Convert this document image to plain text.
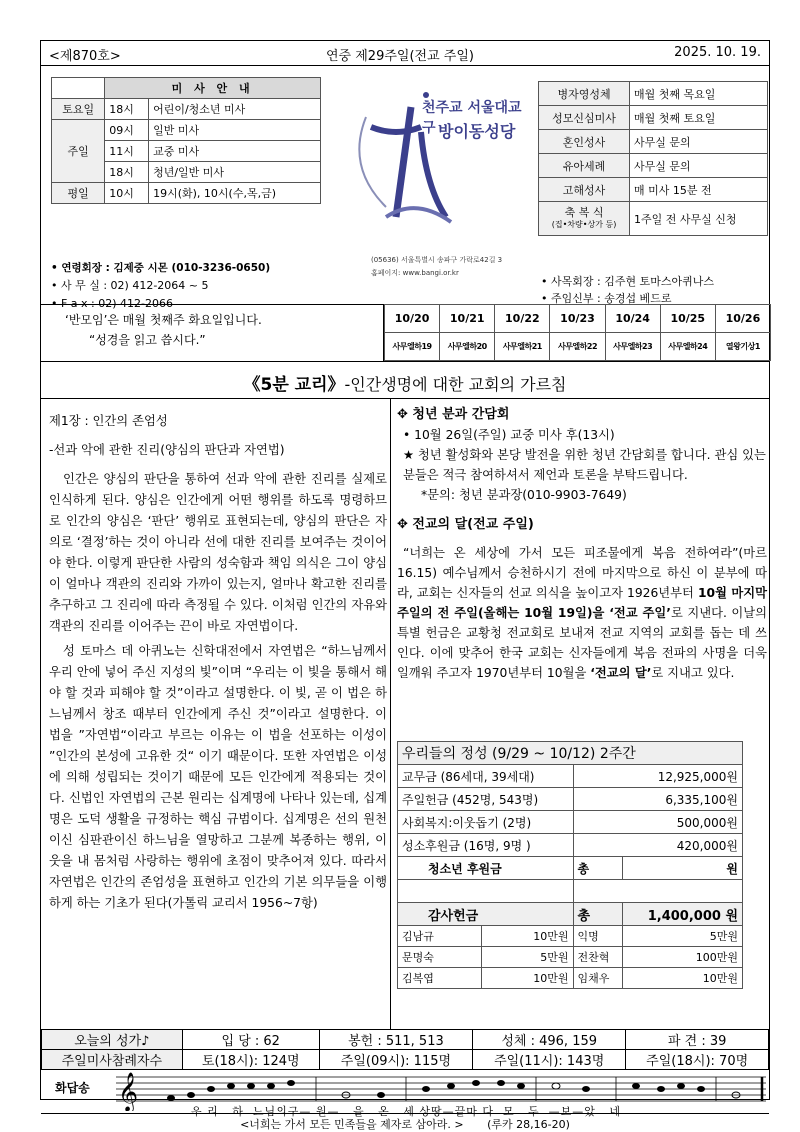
<제870호>	연중 제29주일(전교 주일)	2025. 10. 19.
	미 사 안 내	
토요일	18시	어린이/청소년 미사
주일	09시	일반 미사
	11시	교중 미사
	18시	청년/일반 미사
평일	10시	19시(화), 10시(수,목,금)
• 연령회장 : 김제중 시몬 (010-3236-0650)
• 사 무 실 : 02) 412-2064 ~ 5
• F a x : 02) 412-2066
천주교 서울대교구 방이동성당
(05636) 서울특별시 송파구 가락로42길 3
홈페이지: www.bangi.or.kr
병자영성체	매월 첫째 목요일
성모신심미사	매월 첫째 토요일
혼인성사	사무실 문의
유아세례	사무실 문의
고해성사	매 미사 15분 전

축 복 식
(집•차량•상가 등)	1주일 전 사무실 신청
• 사목회장 : 김주현 토마스아퀴나스
• 주임신부 : 송경섭 베드로
‘반모임’은 매월 첫째주 화요일입니다.
“성경을 읽고 씁시다.”
10/20	10/21	10/22	10/23	10/24	10/25	10/26
사무엘하19	사무엘하20	사무엘하21	사무엘하22	사무엘하23	사무엘하24	열왕기상1
《5분 교리》-인간생명에 대한 교회의 가르침

제1장 : 인간의 존엄성

-선과 악에 관한 진리(양심의 판단과 자연법)

인간은 양심의 판단을 통하여 선과 악에 관한 진리를 실제로 인식하게 된다. 양심은 인간에게 어떤 행위를 하도록 명령하므로 인간의 양심은 ‘판단’ 행위로 표현되는데, 양심의 판단은 자의로 ‘결정’하는 것이 아니라 선에 대한 진리를 보여주는 것이어야 한다. 이렇게 판단한 사람의 성숙함과 책임 의식은 그이 양심이 얼마나 객관의 진리와 가까이 있는지, 얼마나 확고한 진리를 추구하고 그 진리에 따라 측정될 수 있다. 이처럼 인간의 자유와 객관의 진리를 이어주는 끈이 바로 자연법이다.

성 토마스 데 아퀴노는 신학대전에서 자연법은 “하느님께서 우리 안에 넣어 주신 지성의 빛”이며 “우리는 이 빛을 통해서 해야 할 것과 피해야 할 것”이라고 설명한다. 이 빛, 곧 이 법은 하느님께서 창조 때부터 인간에게 주신 것”이라고 설명한다. 이 법을 ”자연법“이라고 부르는 이유는 이 법을 선포하는 이성이 ”인간의 본성에 고유한 것“ 이기 때문이다. 또한 자연법은 이성에 의해 성립되는 것이기 때문에 모든 인간에게 적용되는 것이다. 신법인 자연법의 근본 원리는 십계명에 나타나 있는데, 십계명은 도덕 생활을 규정하는 핵심 규범이다. 십계명은 선의 원천이신 심판관이신 하느님을 열망하고 그분께 복종하는 행위, 이웃을 내 몸처럼 사랑하는 행위에 초점이 맞추어져 있다. 따라서 자연법은 인간의 존엄성을 표현하고 인간의 기본 의무들을 이행하게 하는 기초가 된다(가톨릭 교리서 1956~7항)

✥ 청년 분과 간담회
• 10월 26일(주일) 교중 미사 후(13시)
★ 청년 활성화와 본당 발전을 위한 청년 간담회를 합니다. 관심 있는 분들은 적극 참여하셔서 제언과 토론을 부탁드립니다.
*문의: 청년 분과장(010-9903-7649)
✥ 전교의 달(전교 주일)
“너희는 온 세상에 가서 모든 피조물에게 복음 전하여라”(마르16.15) 예수님께서 승천하시기 전에 마지막으로 하신 이 분부에 따라, 교회는 신자들의 선교 의식을 높이고자 1926년부터 10월 마지막 주일의 전 주일(올해는 10월 19일)을 ‘전교 주일’로 지낸다. 이날의 특별 헌금은 교황청 전교회로 보내져 전교 지역의 교회를 돕는 데 쓰인다. 이에 맞추어 한국 교회는 신자들에게 복음 전파의 사명을 더욱 일깨워 주고자 1970년부터 10월을 ‘전교의 달’로 지내고 있다.
우리들의 정성 (9/29 ~ 10/12) 2주간			
교무금 (86세대, 39세대)		12,925,000원	
주일헌금 (452명, 543명)		6,335,100원	
사회복지:이웃돕기 (2명)		500,000원	
성소후원금 (16명, 9명 )		420,000원	
청소년 후원금		총	원

감사헌금		총	1,400,000 원
김남규	10만원	익명	5만원
문명숙	5만원	전찬혁	100만원
김복엽	10만원	임채우	10만원
오늘의 성가♪	입 당 : 62	봉헌 : 511, 513	성체 : 496, 159	파 견 : 39
주일미사참례자수	토(18시): 124명	주일(09시): 115명	주일(11시): 143명	주일(18시): 70명
화답송 𝄞	우 리   하  느님의구— 원—   을   온   세 상땅—끝마 다  모   두  —보—았   네
<너희는 가서 모든 민족들을 제자로 삼아라. > (루카 28,16-20)
